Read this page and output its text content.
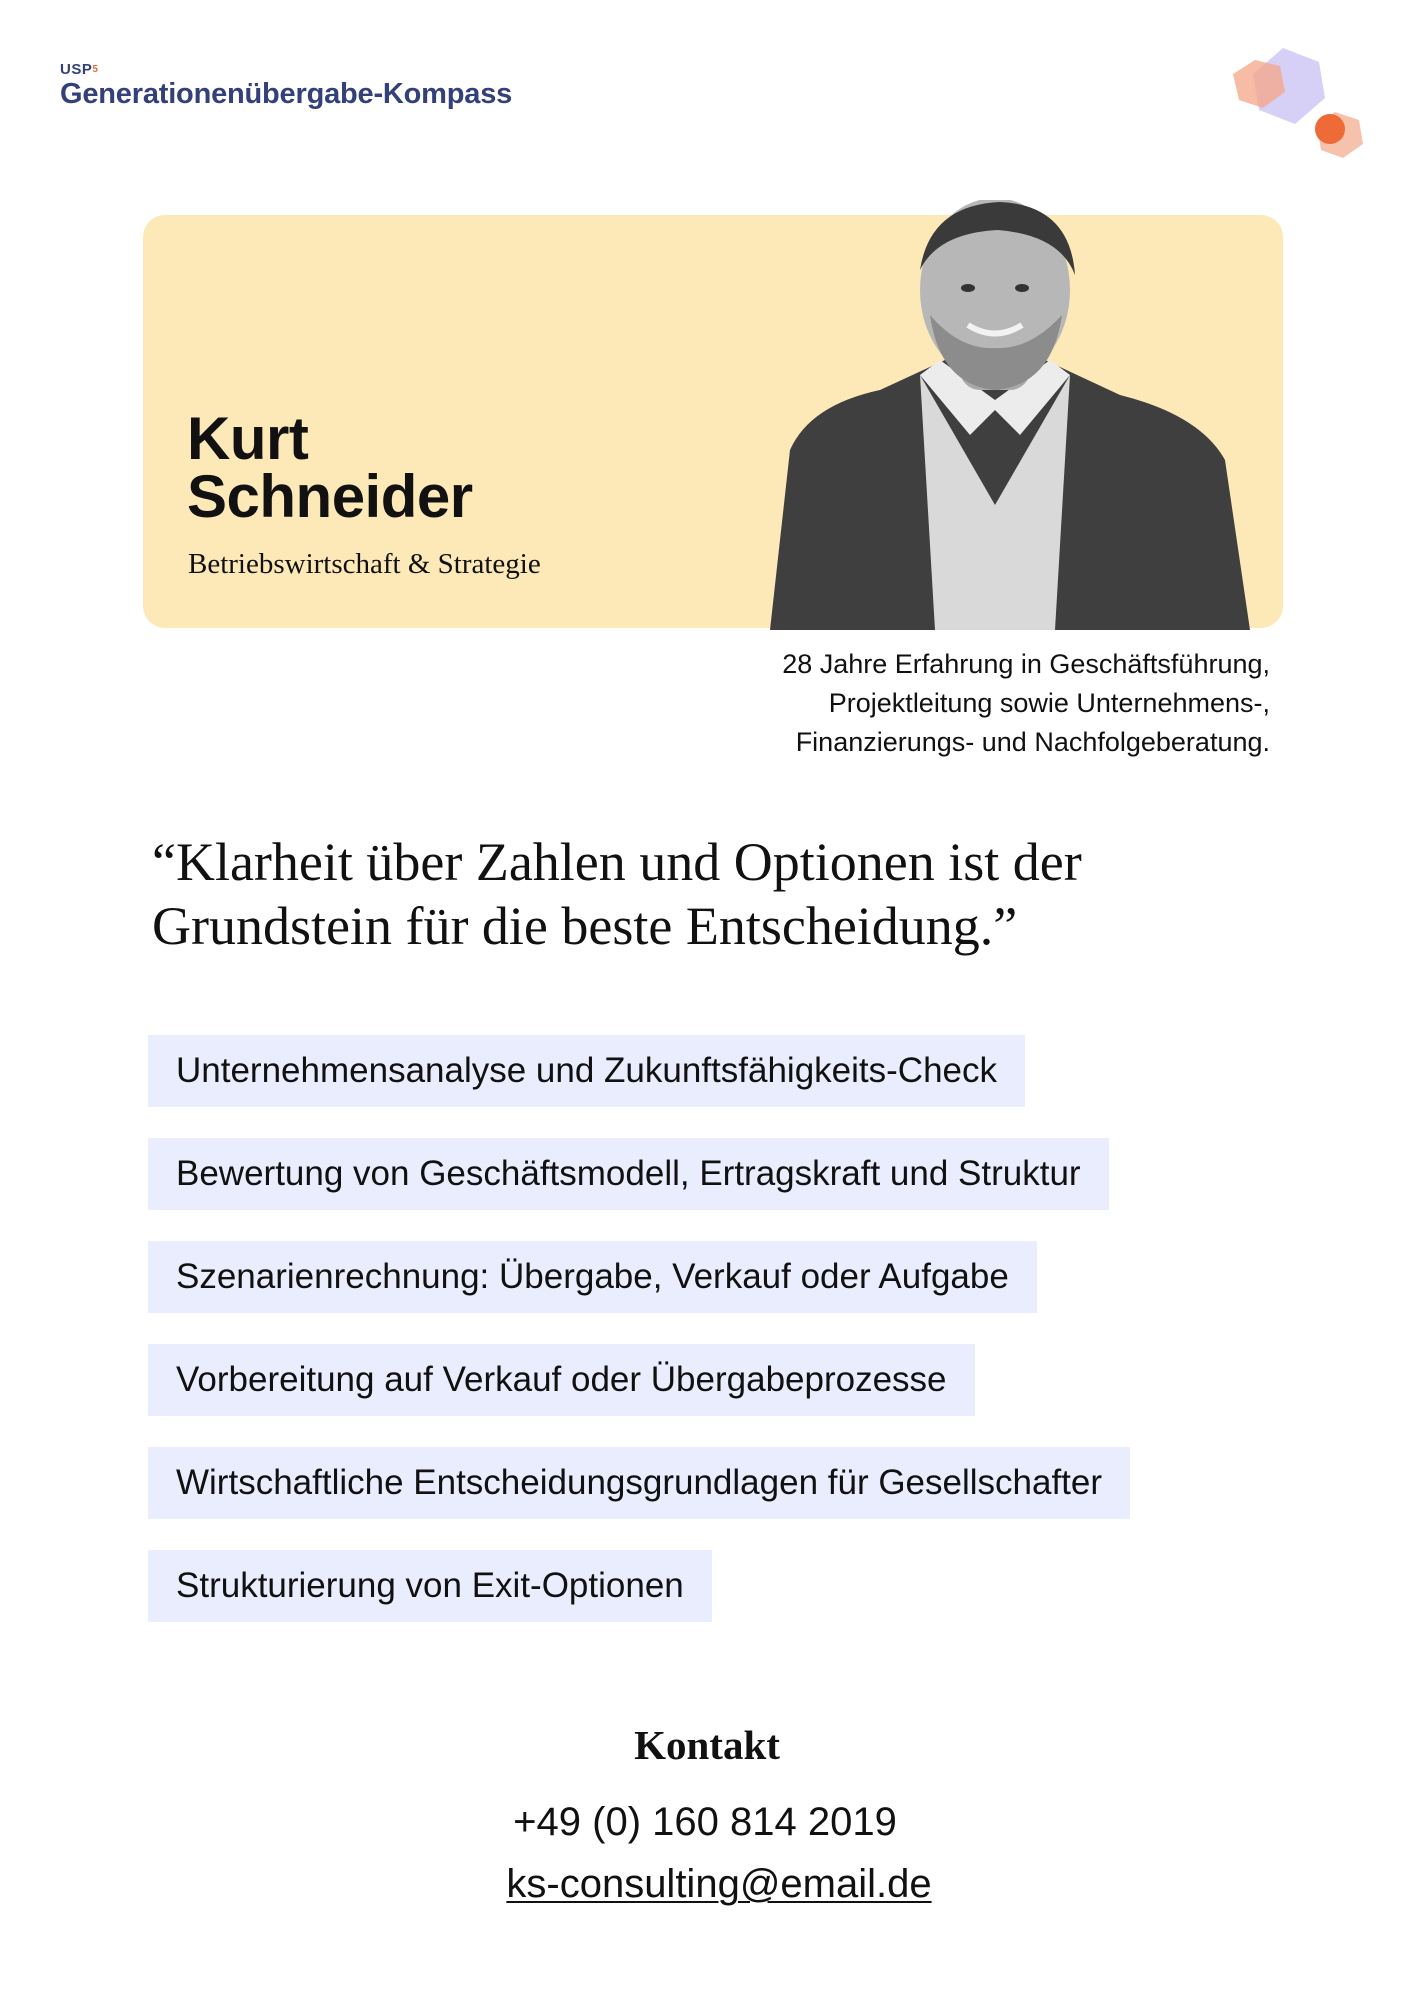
USP$^5$
Generationenübergabe-Kompass
Kurt
Schneider
Betriebswirtschaft & Strategie
28 Jahre Erfahrung in Geschäftsführung,
Projektleitung sowie Unternehmens-,
Finanzierungs- und Nachfolgeberatung.
“Klarheit über Zahlen und Optionen ist der
Grundstein für die beste Entscheidung.”
Unternehmensanalyse und Zukunftsfähigkeits-Check
Bewertung von Geschäftsmodell, Ertragskraft und Struktur
Szenarienrechnung: Übergabe, Verkauf oder Aufgabe
Vorbereitung auf Verkauf oder Übergabeprozesse
Wirtschaftliche Entscheidungsgrundlagen für Gesellschafter
Strukturierung von Exit-Optionen
Kontakt
+49 (0) 160 814 2019
ks-consulting@email.de
